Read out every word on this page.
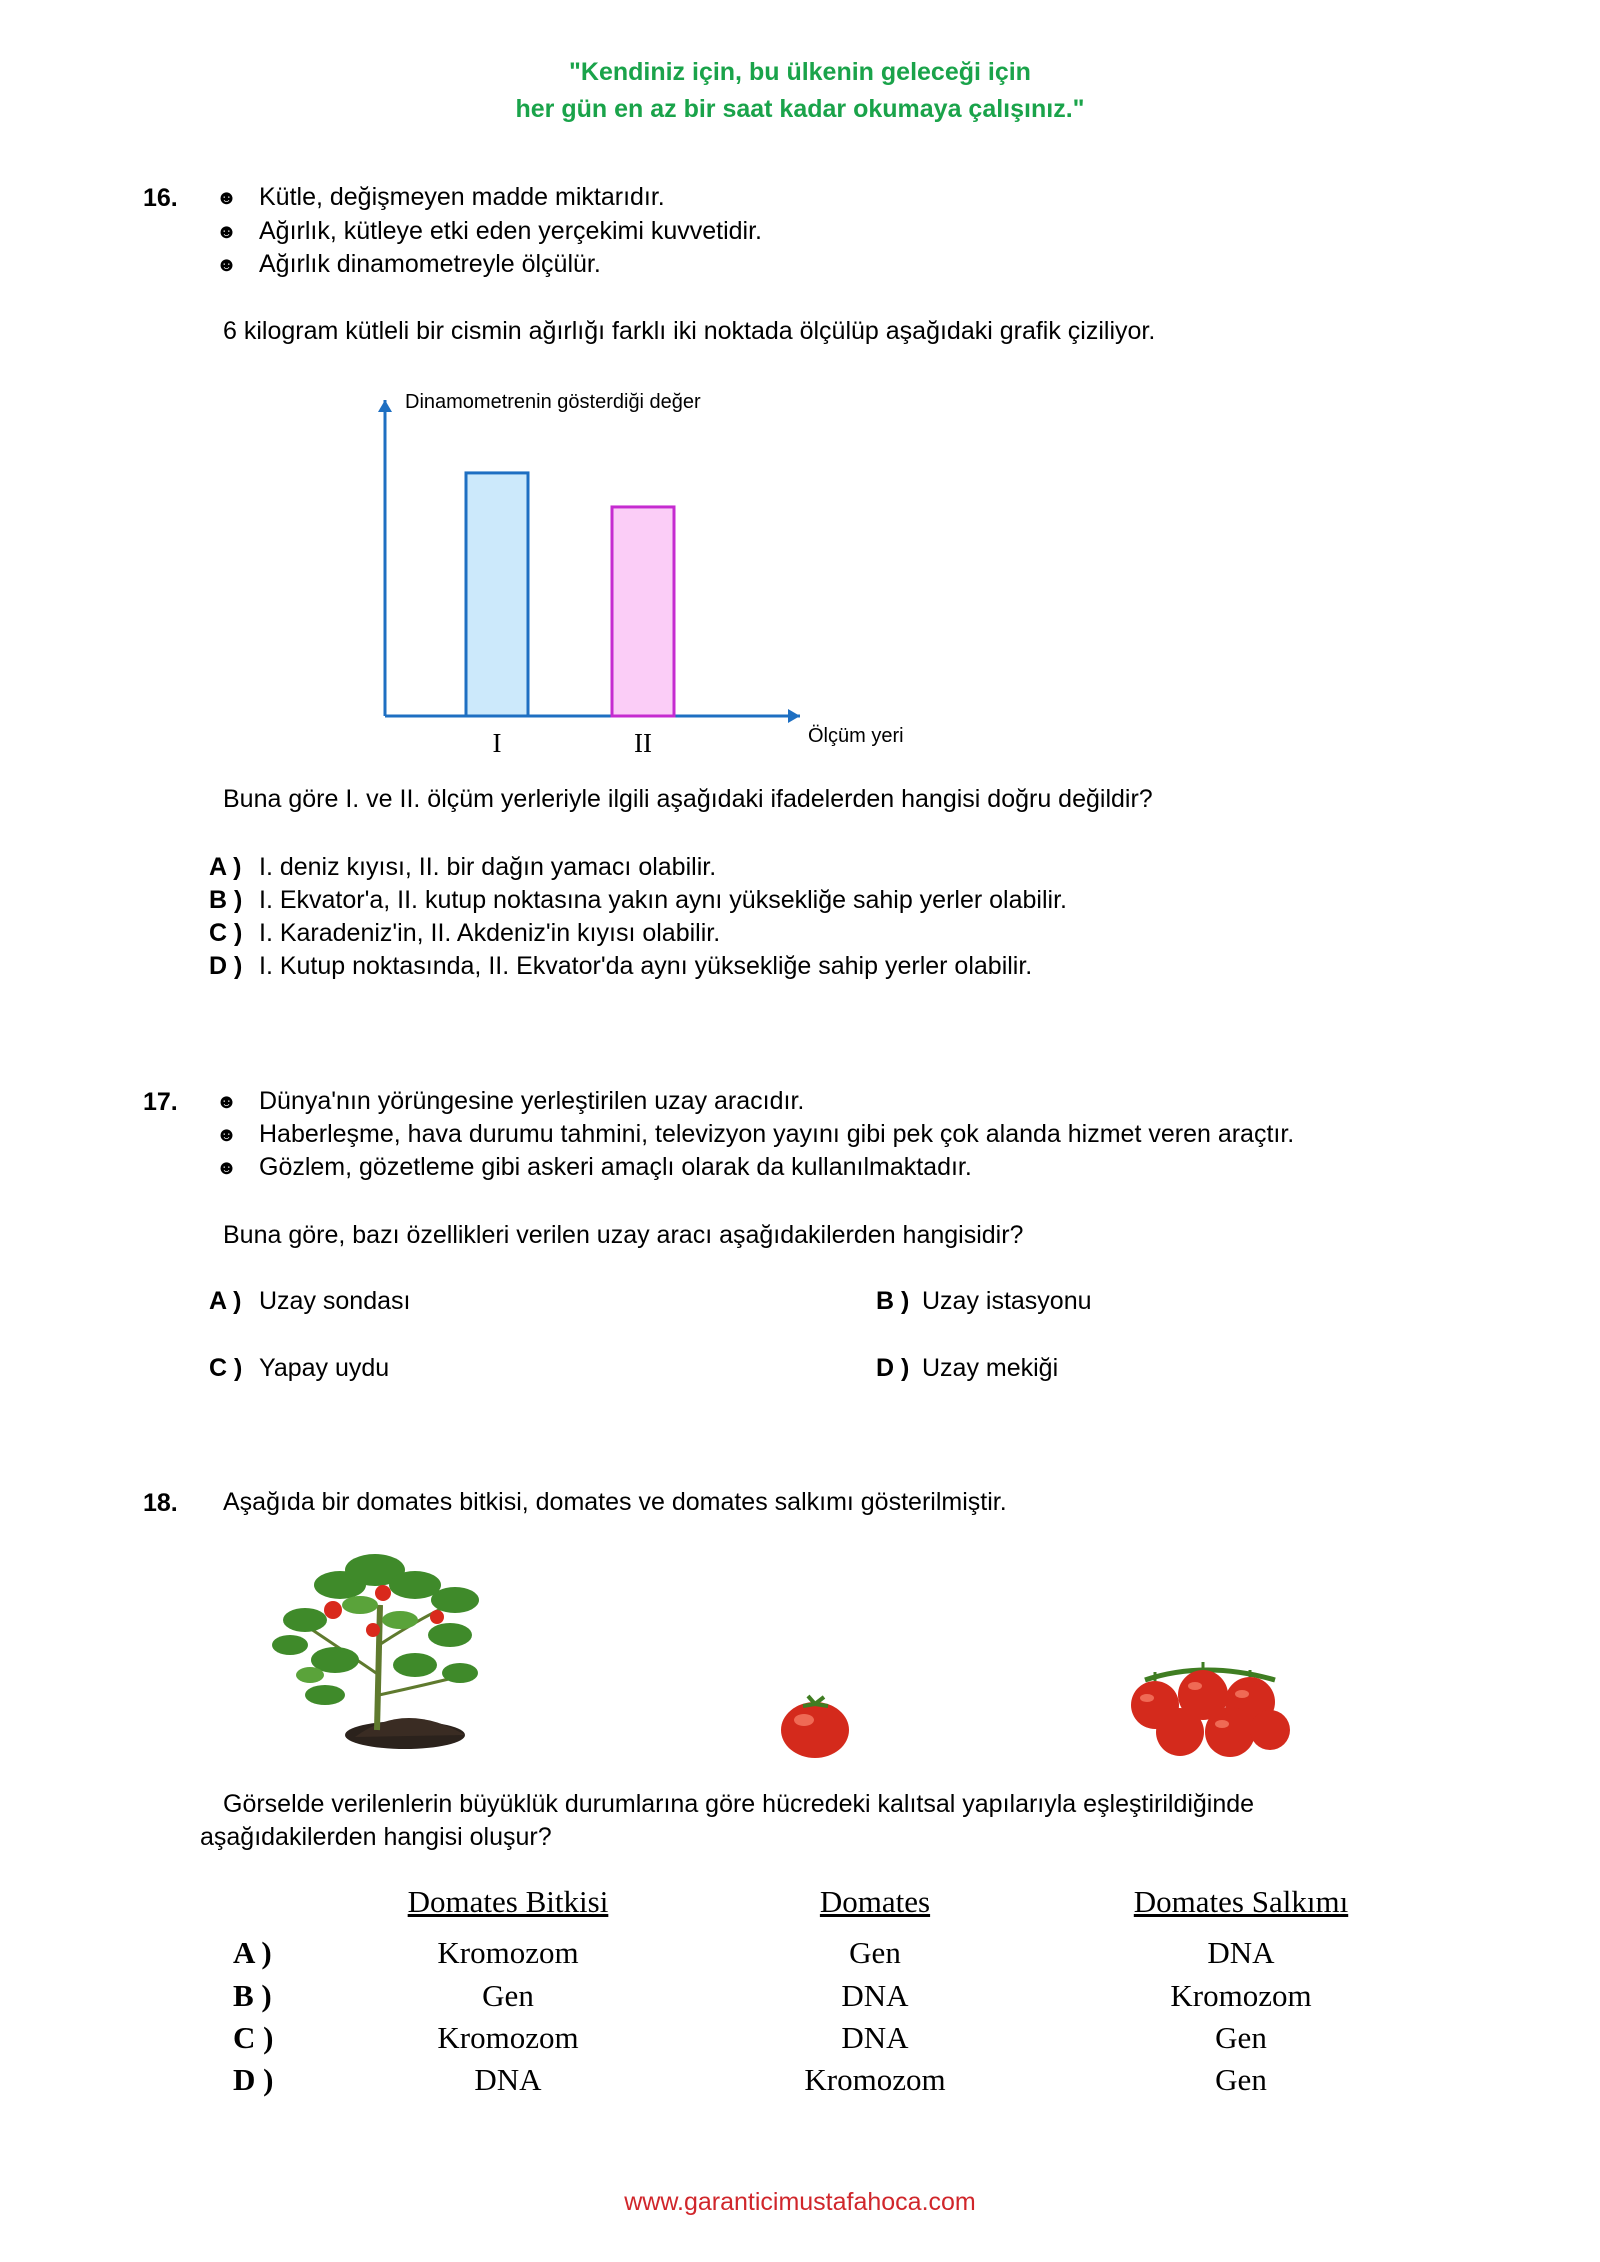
"Kendiniz için, bu ülkenin geleceği için
her gün en az bir saat kadar okumaya çalışınız."
16. ☻ Kütle, değişmeyen madde miktarıdır.
☻ Ağırlık, kütleye etki eden yerçekimi kuvvetidir.
☻ Ağırlık dinamometreyle ölçülür.
6 kilogram kütleli bir cismin ağırlığı farklı iki noktada ölçülüp aşağıdaki grafik çiziliyor.
I	II
Dinamometrenin gösterdiği değer
Ölçüm yeri
Buna göre I. ve II. ölçüm yerleriyle ilgili aşağıdaki ifadelerden hangisi doğru değildir?
A ) I. deniz kıyısı, II. bir dağın yamacı olabilir.
B ) I. Ekvator'a, II. kutup noktasına yakın aynı yüksekliğe sahip yerler olabilir.
C ) I. Karadeniz'in, II. Akdeniz'in kıyısı olabilir.
D ) I. Kutup noktasında, II. Ekvator'da aynı yüksekliğe sahip yerler olabilir.
17. ☻ Dünya'nın yörüngesine yerleştirilen uzay aracıdır.
☻ Haberleşme, hava durumu tahmini, televizyon yayını gibi pek çok alanda hizmet veren araçtır.
☻ Gözlem, gözetleme gibi askeri amaçlı olarak da kullanılmaktadır.
Buna göre, bazı özellikleri verilen uzay aracı aşağıdakilerden hangisidir?
A ) Uzay sondası	B ) Uzay istasyonu
C ) Yapay uydu	D ) Uzay mekiği
18. Aşağıda bir domates bitkisi, domates ve domates salkımı gösterilmiştir.
Görselde verilenlerin büyüklük durumlarına göre hücredeki kalıtsal yapılarıyla eşleştirildiğinde
aşağıdakilerden hangisi oluşur?
Domates Bitkisi	Domates	Domates Salkımı
A )	Kromozom	Gen	DNA
B )	Gen	DNA	Kromozom
C )	Kromozom	DNA	Gen
D )	DNA	Kromozom	Gen
www.garanticimustafahoca.com
